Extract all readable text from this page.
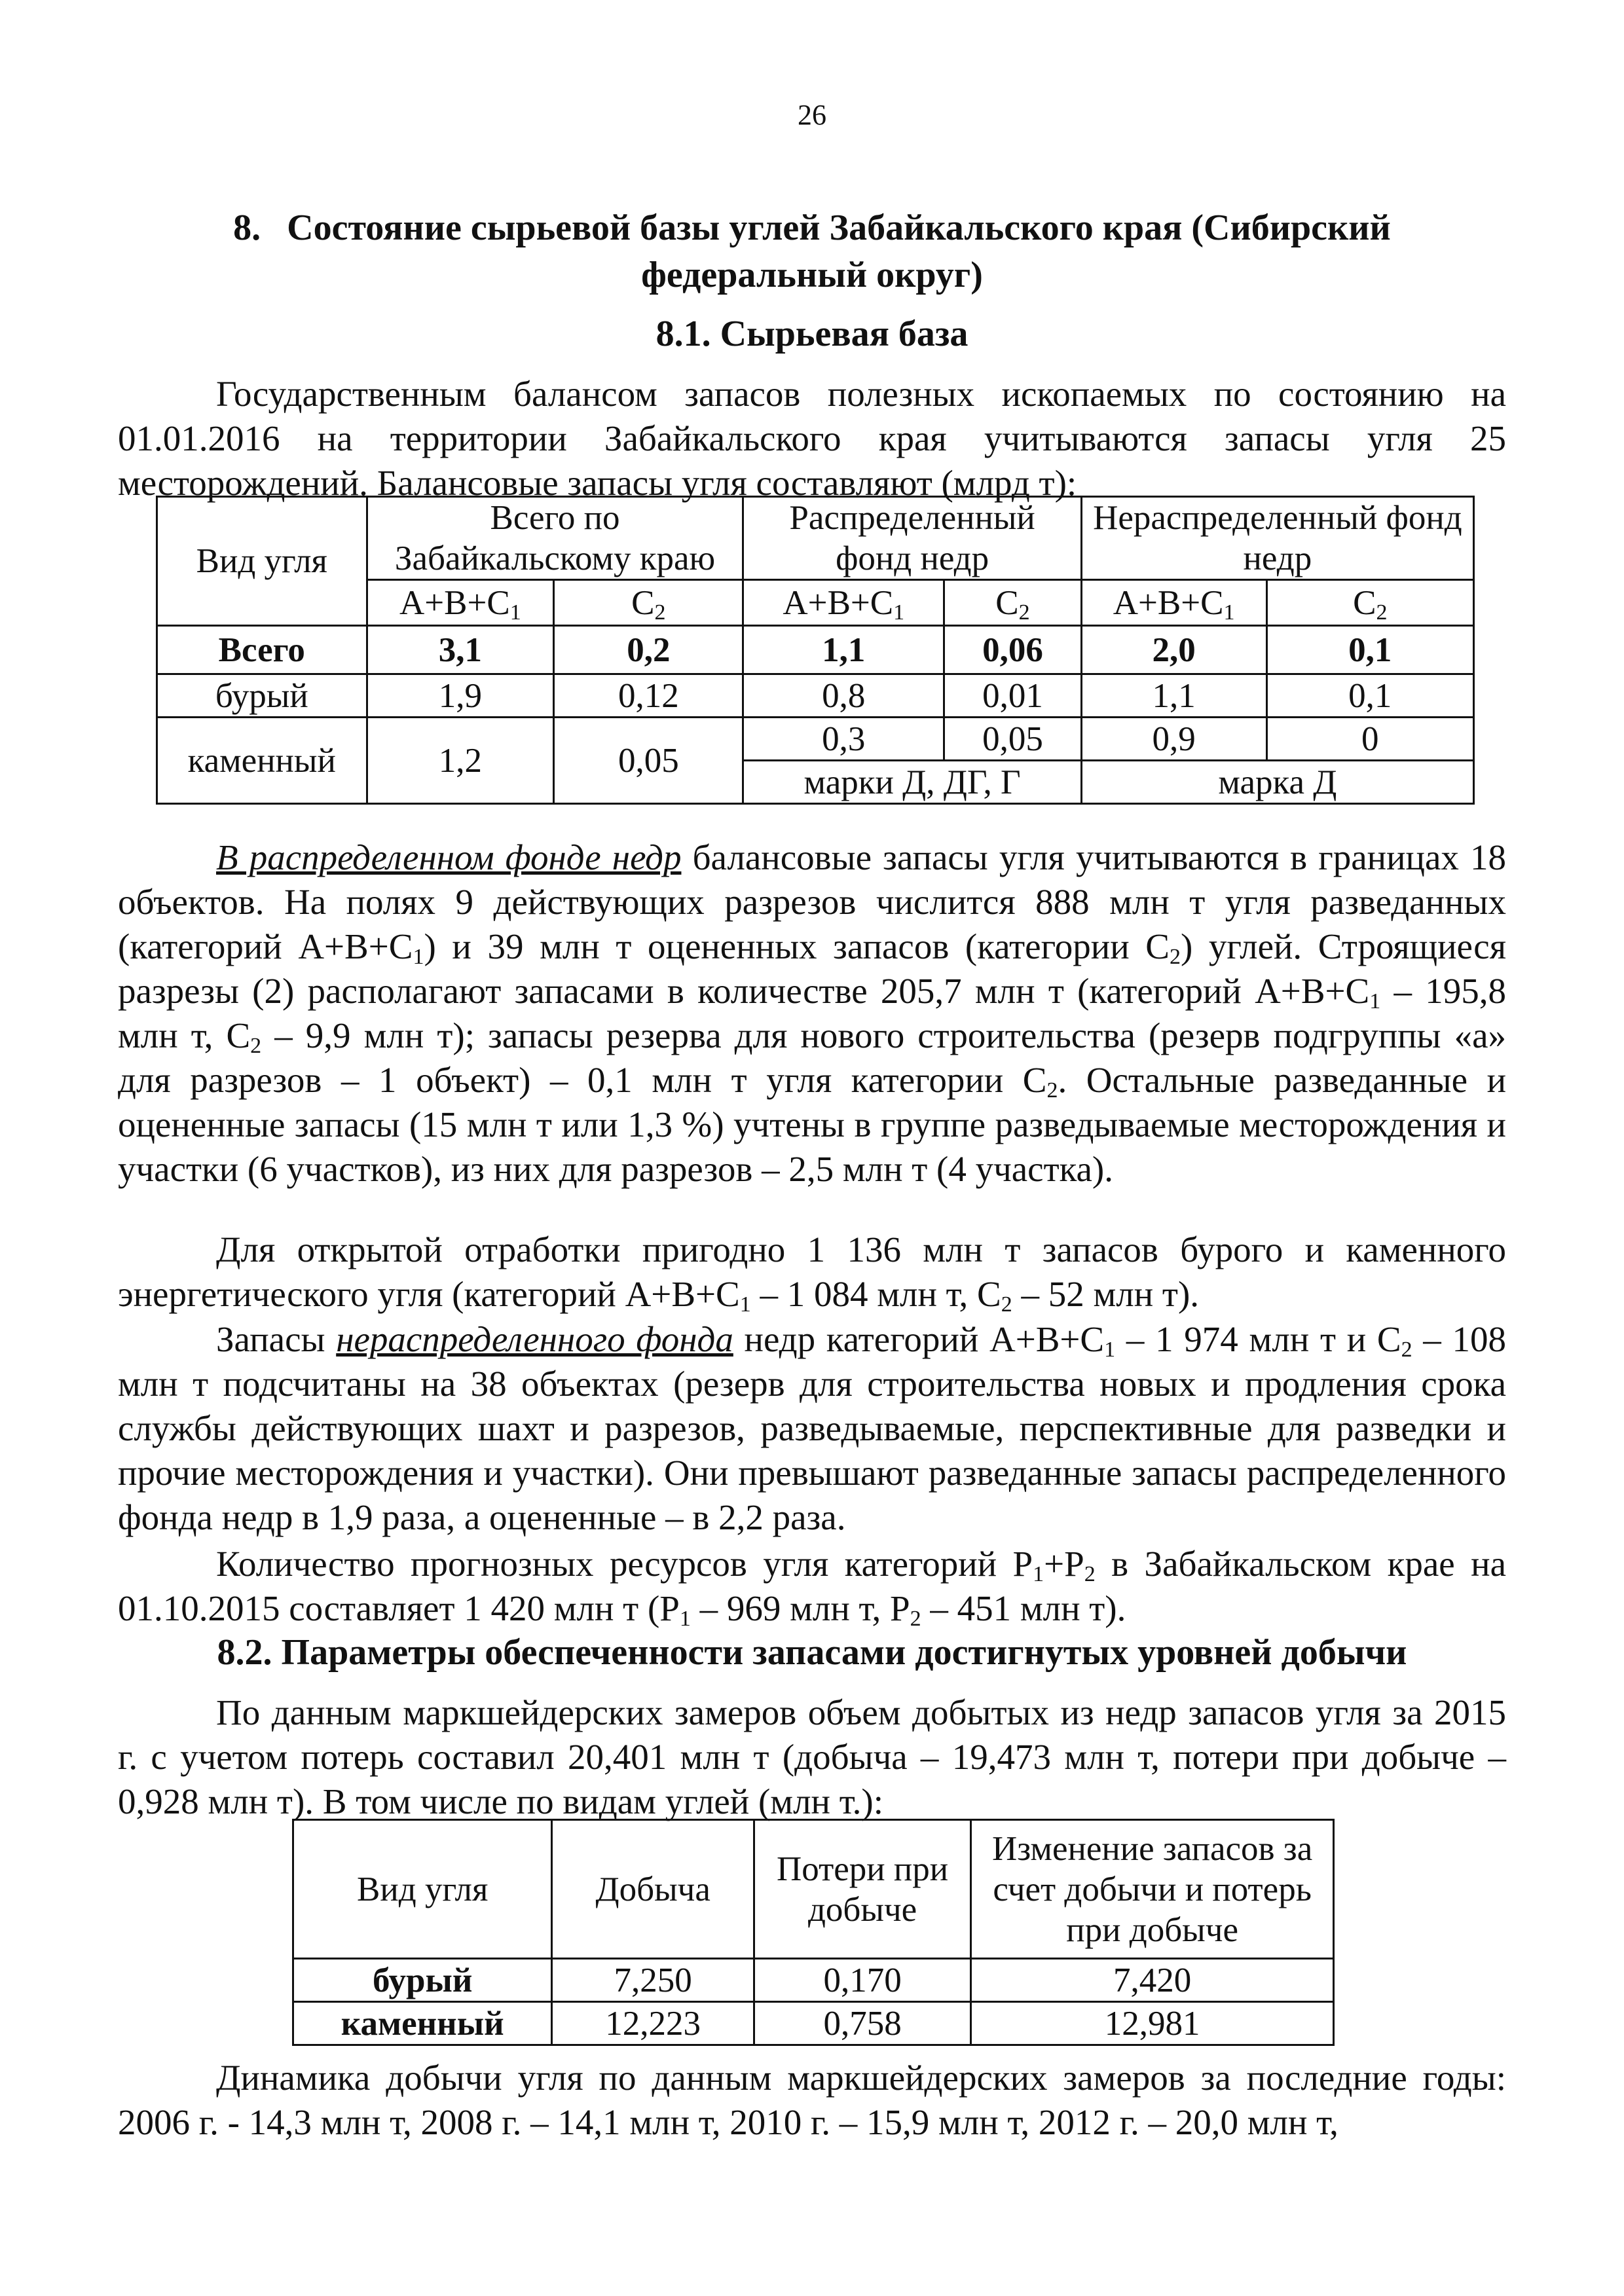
26
8. Состояние сырьевой базы углей Забайкальского края (Сибирский
федеральный округ)
8.1. Сырьевая база
Государственным балансом запасов полезных ископаемых по состоянию на 01.01.2016 на территории Забайкальского края учитываются запасы угля 25 месторождений. Балансовые запасы угля составляют (млрд т):
Вид угля	Всего по Забайкальскому краю		Распределенный фонд недр		Нераспределенный фонд недр	
	$А+В+С_1$	$С_2$	$А+В+С_1$	$С_2$	$А+В+С_1$	$С_2$
Всего	3,1	0,2	1,1	0,06	2,0	0,1
бурый	1,9	0,12	0,8	0,01	1,1	0,1
каменный	1,2	0,05	0,3	0,05	0,9	0
			марки Д, ДГ, Г		марка Д	
В распределенном фонде недр балансовые запасы угля учитываются в границах 18 объектов. На полях 9 действующих разрезов числится 888 млн т угля разведанных (категорий $А+В+С_1$) и 39 млн т оцененных запасов (категории $С_2$) углей. Строящиеся разрезы (2) располагают запасами в количестве 205,7 млн т (категорий $А+В+С_1 - 195,8$ млн т, $С_2 - 9,9$ млн т); запасы резерва для нового строительства (резерв подгруппы «а» для разрезов – 1 объект) – 0,1 млн т угля категории $С_2$. Остальные разведанные и оцененные запасы (15 млн т или 1,3 %) учтены в группе разведываемые месторождения и участки (6 участков), из них для разрезов – 2,5 млн т (4 участка).
Для открытой отработки пригодно 1 136 млн т запасов бурого и каменного энергетического угля (категорий $А+В+С_1 - 1$ 084 млн т, $С_2 - 52$ млн т).
Запасы нераспределенного фонда недр категорий $А+В+С_1 - 1$ 974 млн т и $С_2 - 108$ млн т подсчитаны на 38 объектах (резерв для строительства новых и продления срока службы действующих шахт и разрезов, разведываемые, перспективные для разведки и прочие месторождения и участки). Они превышают разведанные запасы распределенного фонда недр в 1,9 раза, а оцененные – в 2,2 раза.
Количество прогнозных ресурсов угля категорий $Р_1+Р_2$ в Забайкальском крае на 01.10.2015 составляет 1 420 млн т ($Р_1 - 969$ млн т, $Р_2 - 451$ млн т).
8.2. Параметры обеспеченности запасами достигнутых уровней добычи
По данным маркшейдерских замеров объем добытых из недр запасов угля за 2015 г. с учетом потерь составил 20,401 млн т (добыча – 19,473 млн т, потери при добыче – 0,928 млн т). В том числе по видам углей (млн т.):
Вид угля	Добыча	Потери при добыче	Изменение запасов за счет добычи и потерь при добыче
бурый	7,250	0,170	7,420
каменный	12,223	0,758	12,981
Динамика добычи угля по данным маркшейдерских замеров за последние годы: 2006 г. - 14,3 млн т, 2008 г. – 14,1 млн т, 2010 г. – 15,9 млн т, 2012 г. – 20,0 млн т,
